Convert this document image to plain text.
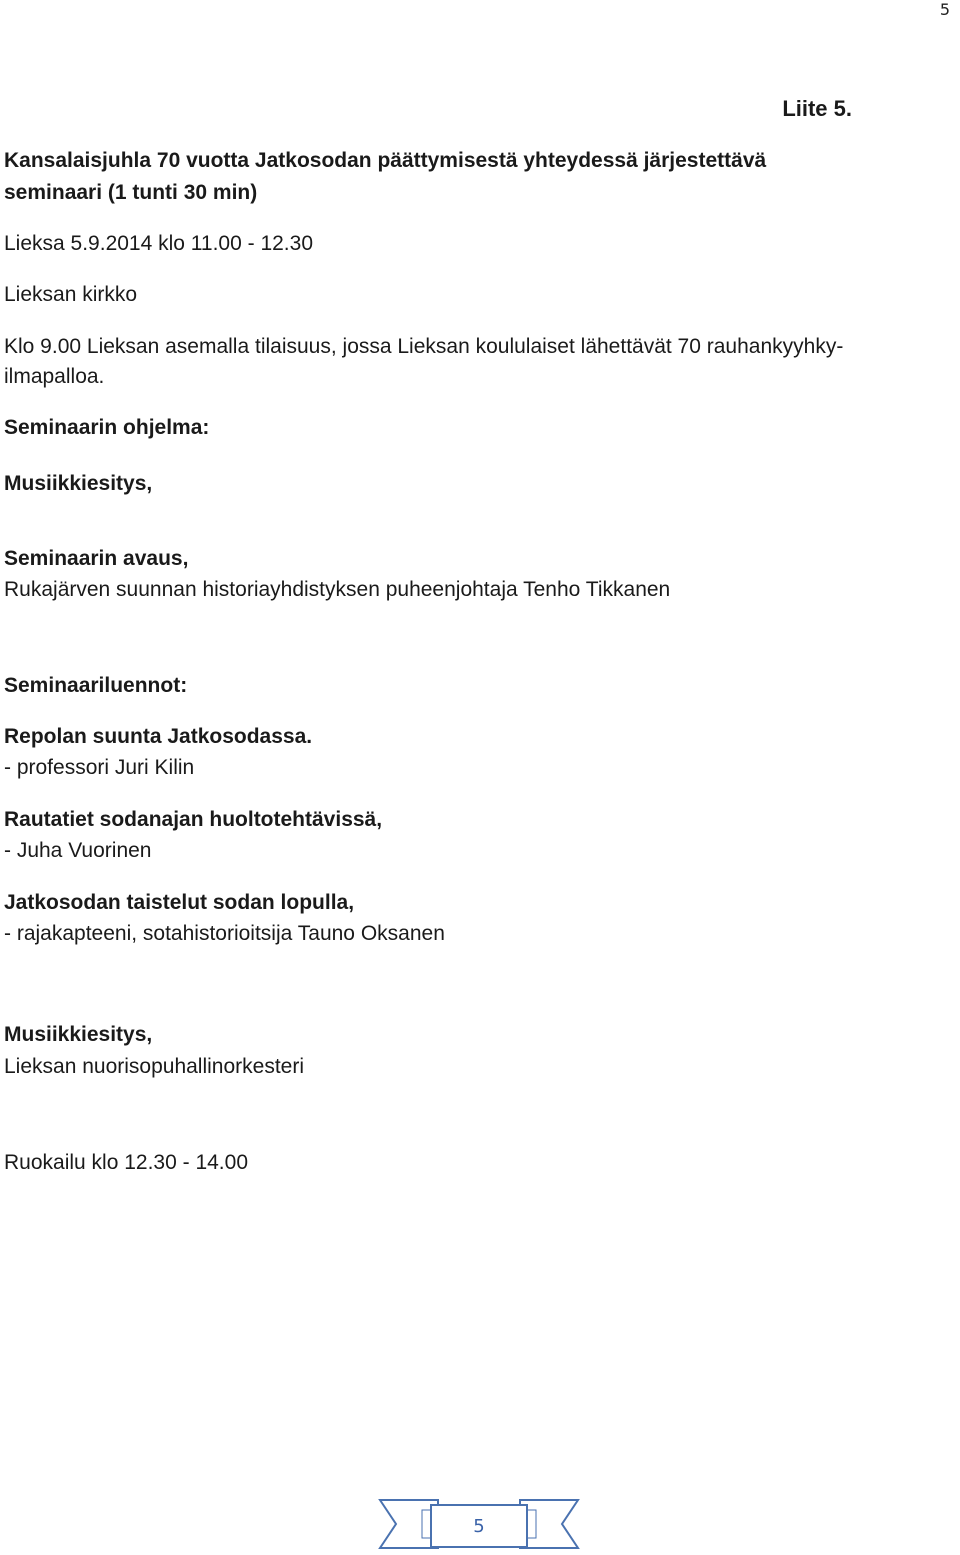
5

Liite 5.

Kansalaisjuhla 70 vuotta Jatkosodan päättymisestä yhteydessä järjestettävä

seminaari (1 tunti 30 min)

Lieksa 5.9.2014 klo 11.00 - 12.30

Lieksan kirkko

Klo 9.00 Lieksan asemalla tilaisuus, jossa Lieksan koululaiset lähettävät 70 rauhankyyhky-

ilmapalloa.

Seminaarin ohjelma:

Musiikkiesitys,

Seminaarin avaus,

Rukajärven suunnan historiayhdistyksen puheenjohtaja Tenho Tikkanen

Seminaariluennot:

Repolan suunta Jatkosodassa.

- professori Juri Kilin

Rautatiet sodanajan huoltotehtävissä,

- Juha Vuorinen

Jatkosodan taistelut sodan lopulla,

- rajakapteeni, sotahistorioitsija Tauno Oksanen

Musiikkiesitys,

Lieksan nuorisopuhallinorkesteri

Ruokailu klo 12.30 - 14.00

5
